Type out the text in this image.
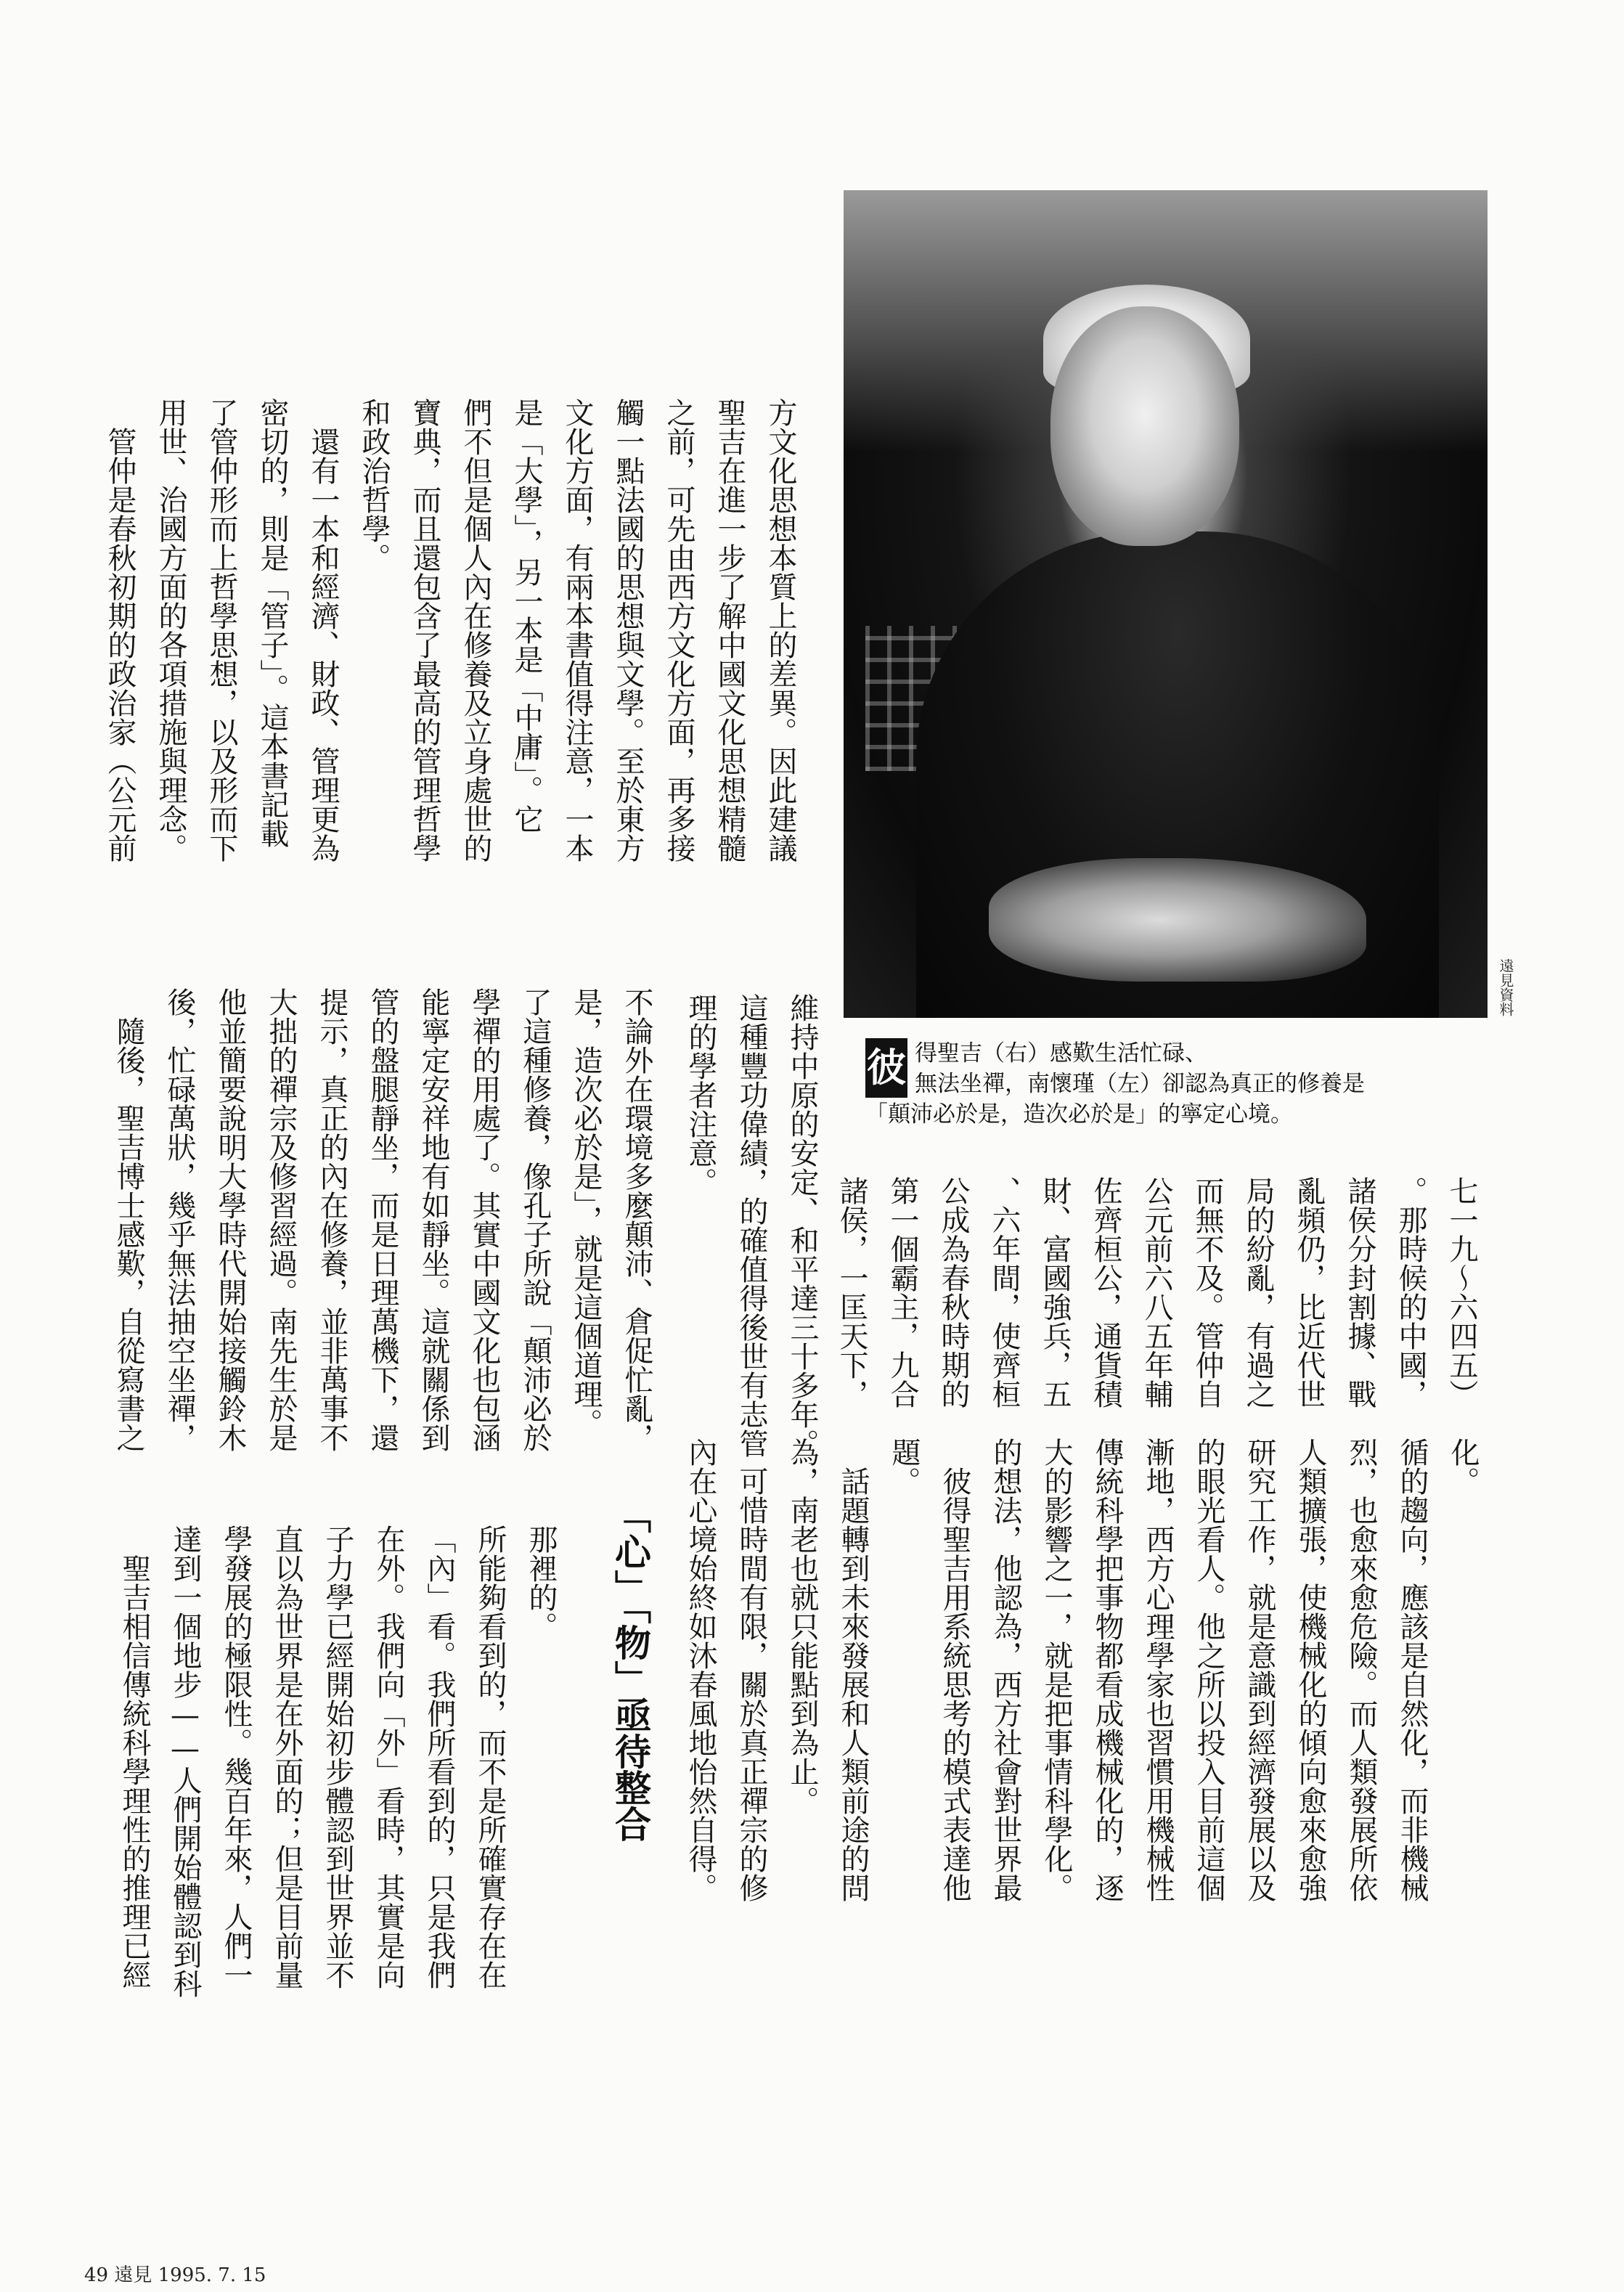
方文化思想本質上的差異。因此建議
聖吉在進一步了解中國文化思想精髓
之前，可先由西方文化方面，再多接
觸一點法國的思想與文學。至於東方
文化方面，有兩本書值得注意，一本
是「大學」，另一本是「中庸」。它
們不但是個人內在修養及立身處世的
寶典，而且還包含了最高的管理哲學
和政治哲學。
　還有一本和經濟、財政、管理更為
密切的，則是「管子」。這本書記載
了管仲形而上哲學思想，以及形而下
用世、治國方面的各項措施與理念。
　管仲是春秋初期的政治家（公元前
遠見資料
維持中原的安定、和平達三十多年。
這種豐功偉績，的確值得後世有志管
理的學者注意。	彼 得聖吉（右）感歎生活忙碌、
無法坐禪，南懷瑾（左）卻認為真正的修養是
「顛沛必於是，造次必於是」的寧定心境。
七一九～六四五）
。那時候的中國，
諸侯分封割據、戰
亂頻仍，比近代世
局的紛亂，有過之
而無不及。管仲自
公元前六八五年輔
佐齊桓公，通貨積
財、富國強兵，五
、六年間，使齊桓
公成為春秋時期的
第一個霸主，九合
諸侯，一匡天下，
不論外在環境多麼顛沛、倉促忙亂，
是，造次必於是」，就是這個道理。
了這種修養，像孔子所說「顛沛必於
學禪的用處了。其實中國文化也包涵
能寧定安祥地有如靜坐。這就關係到
管的盤腿靜坐，而是日理萬機下，還
提示，真正的內在修養，並非萬事不
大拙的禪宗及修習經過。南先生於是
他並簡要說明大學時代開始接觸鈴木
後，忙碌萬狀，幾乎無法抽空坐禪，
　隨後，聖吉博士感歎，自從寫書之
化。
循的趨向，應該是自然化，而非機械
烈，也愈來愈危險。而人類發展所依
人類擴張，使機械化的傾向愈來愈強
研究工作，就是意識到經濟發展以及
的眼光看人。他之所以投入目前這個
漸地，西方心理學家也習慣用機械性
傳統科學把事物都看成機械化的，逐
大的影響之一，就是把事情科學化。
的想法，他認為，西方社會對世界最
　彼得聖吉用系統思考的模式表達他
題。
　話題轉到未來發展和人類前途的問
為，南老也就只能點到為止。
　可惜時間有限，關於真正禪宗的修
內在心境始終如沐春風地怡然自得。
「心」「物」亟待整合
那裡的。
所能夠看到的，而不是所確實存在在
「內」看。我們所看到的，只是我們
在外。我們向「外」看時，其實是向
子力學已經開始初步體認到世界並不
直以為世界是在外面的；但是目前量
學發展的極限性。幾百年來，人們一
達到一個地步——人們開始體認到科
　聖吉相信傳統科學理性的推理已經
49 遠見 1995. 7. 15
